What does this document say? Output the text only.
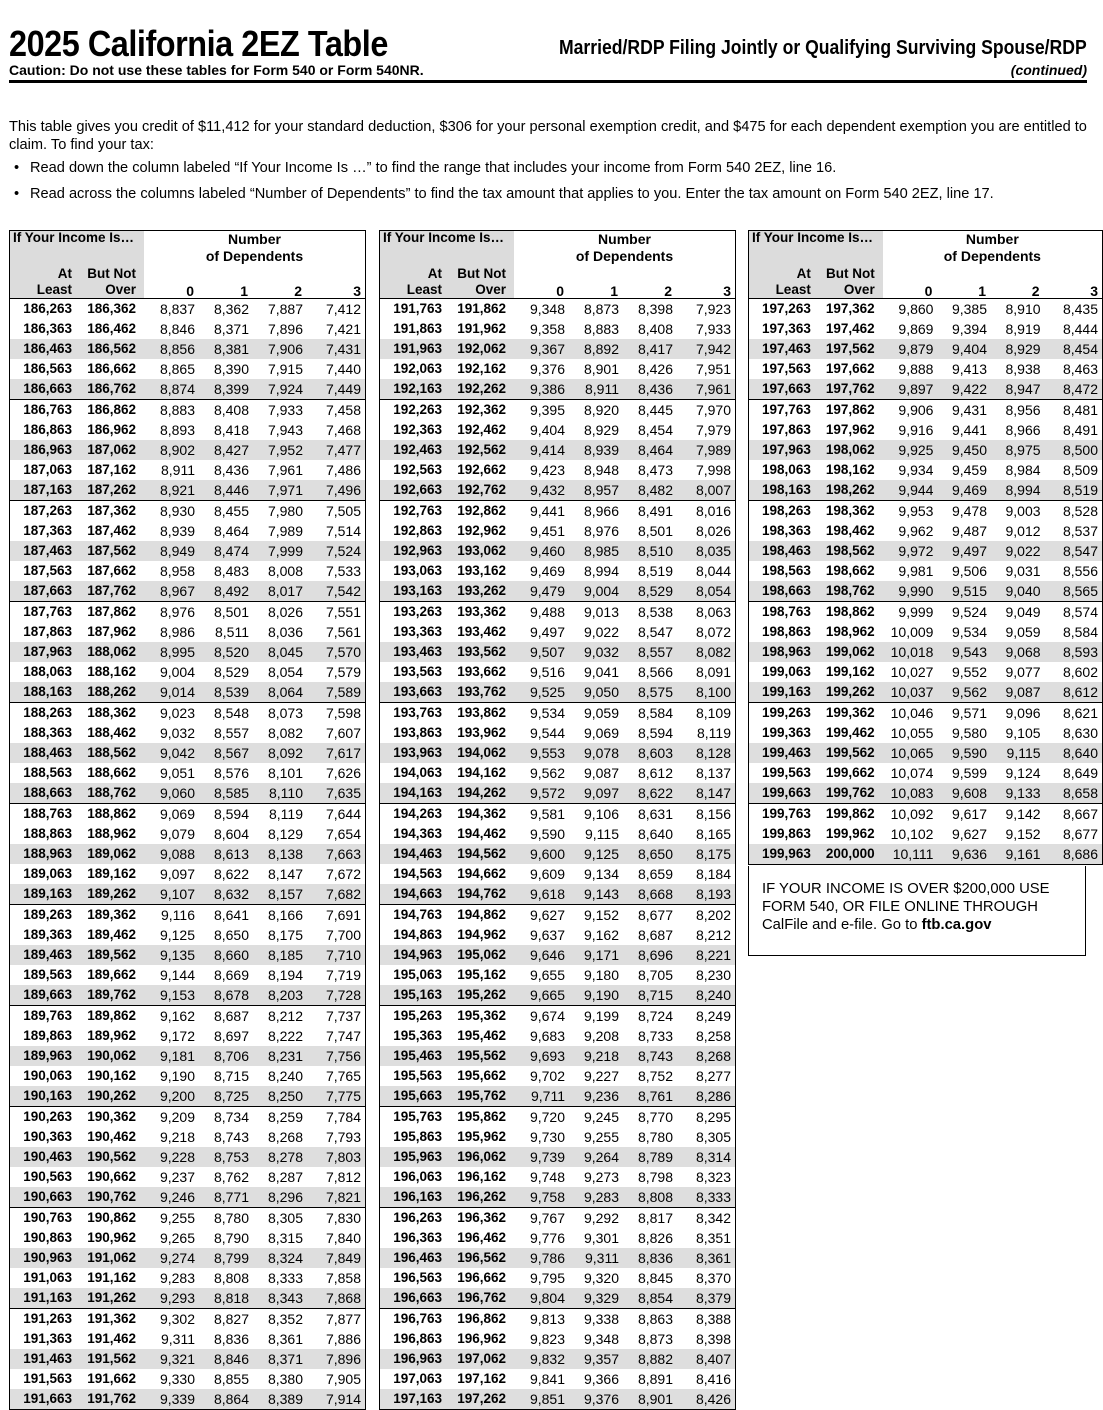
2025 California 2EZ Table	Married/RDP Filing Jointly or Qualifying Surviving Spouse/RDP
Caution: Do not use these tables for Form 540 or Form 540NR.	(continued)

This table gives you credit of $11,412 for your standard deduction, $306 for your personal exemption credit, and $475 for each dependent exemption you are entitled to claim. To find your tax:

• Read down the column labeled “If Your Income Is …” to find the range that includes your income from Form 540 2EZ, line 16.
• Read across the columns labeled “Number of Dependents” to find the tax amount that applies to you. Enter the tax amount on Form 540 2EZ, line 17.
If Your Income Is…		Number
of Dependents			
At
Least	But Not
Over	0	1	2	3
186,263	186,362	8,837	8,362	7,887	7,412
186,363	186,462	8,846	8,371	7,896	7,421
186,463	186,562	8,856	8,381	7,906	7,431
186,563	186,662	8,865	8,390	7,915	7,440
186,663	186,762	8,874	8,399	7,924	7,449
186,763	186,862	8,883	8,408	7,933	7,458
186,863	186,962	8,893	8,418	7,943	7,468
186,963	187,062	8,902	8,427	7,952	7,477
187,063	187,162	8,911	8,436	7,961	7,486
187,163	187,262	8,921	8,446	7,971	7,496
187,263	187,362	8,930	8,455	7,980	7,505
187,363	187,462	8,939	8,464	7,989	7,514
187,463	187,562	8,949	8,474	7,999	7,524
187,563	187,662	8,958	8,483	8,008	7,533
187,663	187,762	8,967	8,492	8,017	7,542
187,763	187,862	8,976	8,501	8,026	7,551
187,863	187,962	8,986	8,511	8,036	7,561
187,963	188,062	8,995	8,520	8,045	7,570
188,063	188,162	9,004	8,529	8,054	7,579
188,163	188,262	9,014	8,539	8,064	7,589
188,263	188,362	9,023	8,548	8,073	7,598
188,363	188,462	9,032	8,557	8,082	7,607
188,463	188,562	9,042	8,567	8,092	7,617
188,563	188,662	9,051	8,576	8,101	7,626
188,663	188,762	9,060	8,585	8,110	7,635
188,763	188,862	9,069	8,594	8,119	7,644
188,863	188,962	9,079	8,604	8,129	7,654
188,963	189,062	9,088	8,613	8,138	7,663
189,063	189,162	9,097	8,622	8,147	7,672
189,163	189,262	9,107	8,632	8,157	7,682
189,263	189,362	9,116	8,641	8,166	7,691
189,363	189,462	9,125	8,650	8,175	7,700
189,463	189,562	9,135	8,660	8,185	7,710
189,563	189,662	9,144	8,669	8,194	7,719
189,663	189,762	9,153	8,678	8,203	7,728
189,763	189,862	9,162	8,687	8,212	7,737
189,863	189,962	9,172	8,697	8,222	7,747
189,963	190,062	9,181	8,706	8,231	7,756
190,063	190,162	9,190	8,715	8,240	7,765
190,163	190,262	9,200	8,725	8,250	7,775
190,263	190,362	9,209	8,734	8,259	7,784
190,363	190,462	9,218	8,743	8,268	7,793
190,463	190,562	9,228	8,753	8,278	7,803
190,563	190,662	9,237	8,762	8,287	7,812
190,663	190,762	9,246	8,771	8,296	7,821
190,763	190,862	9,255	8,780	8,305	7,830
190,863	190,962	9,265	8,790	8,315	7,840
190,963	191,062	9,274	8,799	8,324	7,849
191,063	191,162	9,283	8,808	8,333	7,858
191,163	191,262	9,293	8,818	8,343	7,868
191,263	191,362	9,302	8,827	8,352	7,877
191,363	191,462	9,311	8,836	8,361	7,886
191,463	191,562	9,321	8,846	8,371	7,896
191,563	191,662	9,330	8,855	8,380	7,905
191,663	191,762	9,339	8,864	8,389	7,914
If Your Income Is…		Number
of Dependents			
At
Least	But Not
Over	0	1	2	3
191,763	191,862	9,348	8,873	8,398	7,923
191,863	191,962	9,358	8,883	8,408	7,933
191,963	192,062	9,367	8,892	8,417	7,942
192,063	192,162	9,376	8,901	8,426	7,951
192,163	192,262	9,386	8,911	8,436	7,961
192,263	192,362	9,395	8,920	8,445	7,970
192,363	192,462	9,404	8,929	8,454	7,979
192,463	192,562	9,414	8,939	8,464	7,989
192,563	192,662	9,423	8,948	8,473	7,998
192,663	192,762	9,432	8,957	8,482	8,007
192,763	192,862	9,441	8,966	8,491	8,016
192,863	192,962	9,451	8,976	8,501	8,026
192,963	193,062	9,460	8,985	8,510	8,035
193,063	193,162	9,469	8,994	8,519	8,044
193,163	193,262	9,479	9,004	8,529	8,054
193,263	193,362	9,488	9,013	8,538	8,063
193,363	193,462	9,497	9,022	8,547	8,072
193,463	193,562	9,507	9,032	8,557	8,082
193,563	193,662	9,516	9,041	8,566	8,091
193,663	193,762	9,525	9,050	8,575	8,100
193,763	193,862	9,534	9,059	8,584	8,109
193,863	193,962	9,544	9,069	8,594	8,119
193,963	194,062	9,553	9,078	8,603	8,128
194,063	194,162	9,562	9,087	8,612	8,137
194,163	194,262	9,572	9,097	8,622	8,147
194,263	194,362	9,581	9,106	8,631	8,156
194,363	194,462	9,590	9,115	8,640	8,165
194,463	194,562	9,600	9,125	8,650	8,175
194,563	194,662	9,609	9,134	8,659	8,184
194,663	194,762	9,618	9,143	8,668	8,193
194,763	194,862	9,627	9,152	8,677	8,202
194,863	194,962	9,637	9,162	8,687	8,212
194,963	195,062	9,646	9,171	8,696	8,221
195,063	195,162	9,655	9,180	8,705	8,230
195,163	195,262	9,665	9,190	8,715	8,240
195,263	195,362	9,674	9,199	8,724	8,249
195,363	195,462	9,683	9,208	8,733	8,258
195,463	195,562	9,693	9,218	8,743	8,268
195,563	195,662	9,702	9,227	8,752	8,277
195,663	195,762	9,711	9,236	8,761	8,286
195,763	195,862	9,720	9,245	8,770	8,295
195,863	195,962	9,730	9,255	8,780	8,305
195,963	196,062	9,739	9,264	8,789	8,314
196,063	196,162	9,748	9,273	8,798	8,323
196,163	196,262	9,758	9,283	8,808	8,333
196,263	196,362	9,767	9,292	8,817	8,342
196,363	196,462	9,776	9,301	8,826	8,351
196,463	196,562	9,786	9,311	8,836	8,361
196,563	196,662	9,795	9,320	8,845	8,370
196,663	196,762	9,804	9,329	8,854	8,379
196,763	196,862	9,813	9,338	8,863	8,388
196,863	196,962	9,823	9,348	8,873	8,398
196,963	197,062	9,832	9,357	8,882	8,407
197,063	197,162	9,841	9,366	8,891	8,416
197,163	197,262	9,851	9,376	8,901	8,426
If Your Income Is…		Number
of Dependents			
At
Least	But Not
Over	0	1	2	3
197,263	197,362	9,860	9,385	8,910	8,435
197,363	197,462	9,869	9,394	8,919	8,444
197,463	197,562	9,879	9,404	8,929	8,454
197,563	197,662	9,888	9,413	8,938	8,463
197,663	197,762	9,897	9,422	8,947	8,472
197,763	197,862	9,906	9,431	8,956	8,481
197,863	197,962	9,916	9,441	8,966	8,491
197,963	198,062	9,925	9,450	8,975	8,500
198,063	198,162	9,934	9,459	8,984	8,509
198,163	198,262	9,944	9,469	8,994	8,519
198,263	198,362	9,953	9,478	9,003	8,528
198,363	198,462	9,962	9,487	9,012	8,537
198,463	198,562	9,972	9,497	9,022	8,547
198,563	198,662	9,981	9,506	9,031	8,556
198,663	198,762	9,990	9,515	9,040	8,565
198,763	198,862	9,999	9,524	9,049	8,574
198,863	198,962	10,009	9,534	9,059	8,584
198,963	199,062	10,018	9,543	9,068	8,593
199,063	199,162	10,027	9,552	9,077	8,602
199,163	199,262	10,037	9,562	9,087	8,612
199,263	199,362	10,046	9,571	9,096	8,621
199,363	199,462	10,055	9,580	9,105	8,630
199,463	199,562	10,065	9,590	9,115	8,640
199,563	199,662	10,074	9,599	9,124	8,649
199,663	199,762	10,083	9,608	9,133	8,658
199,763	199,862	10,092	9,617	9,142	8,667
199,863	199,962	10,102	9,627	9,152	8,677
199,963	200,000	10,111	9,636	9,161	8,686
IF YOUR INCOME IS OVER $200,000 USE FORM 540, OR FILE ONLINE THROUGH CalFile and e-file. Go to ftb.ca.gov
